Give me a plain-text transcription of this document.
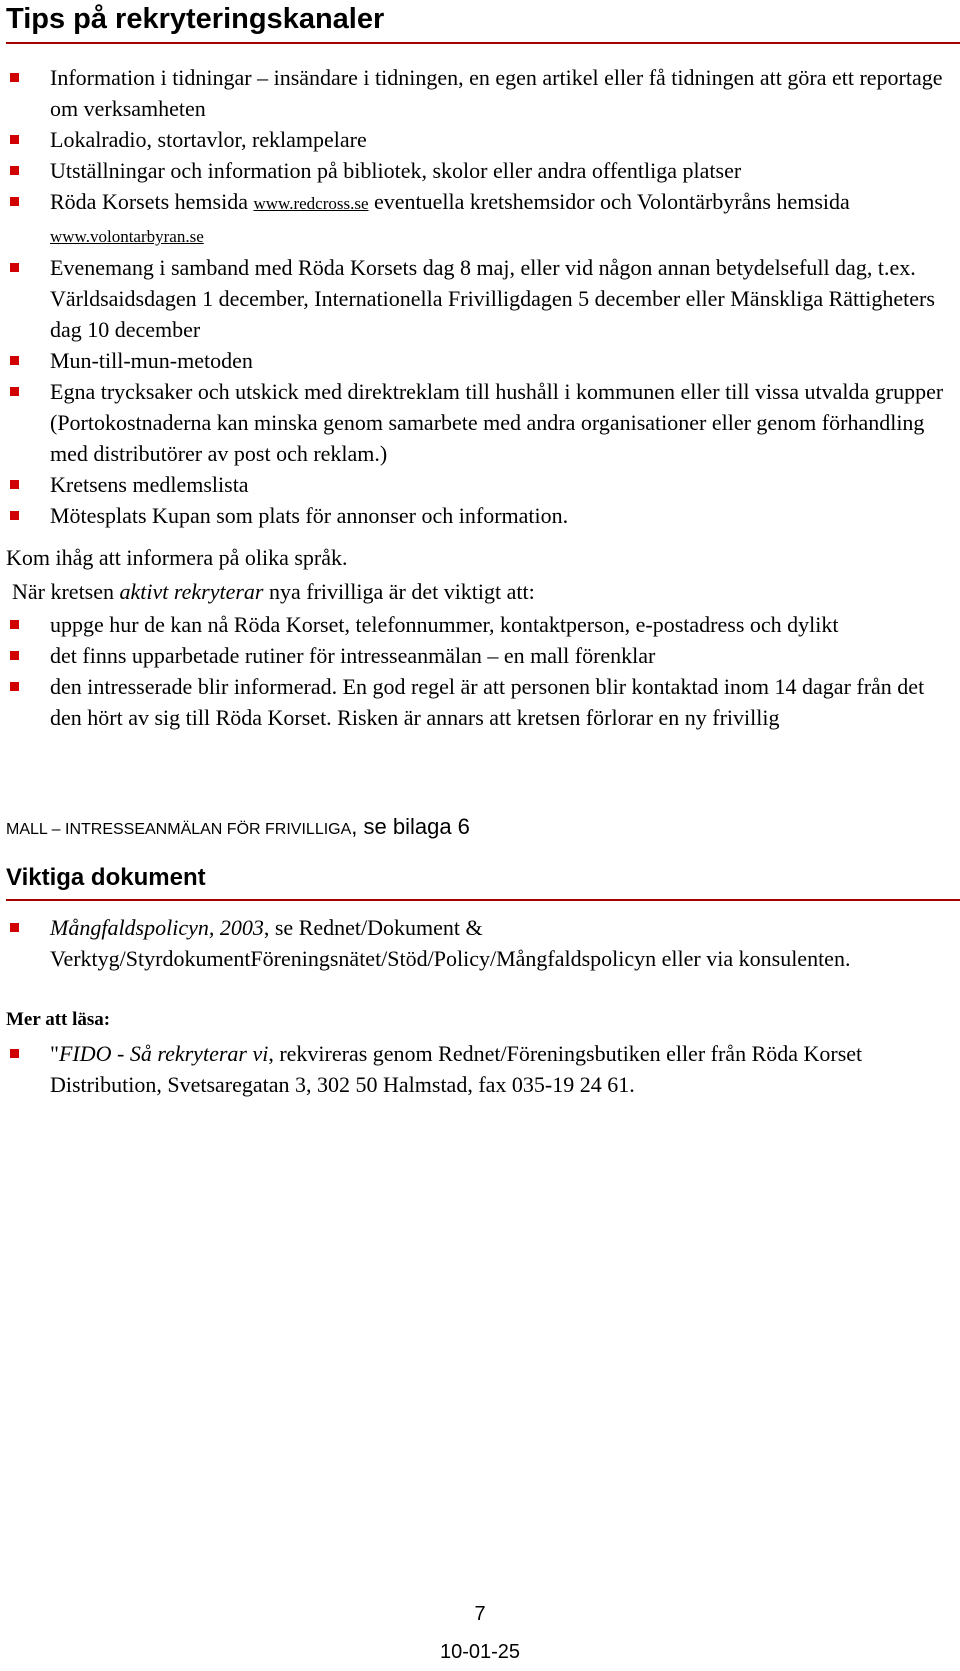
Tips på rekryteringskanaler
Information i tidningar – insändare i tidningen, en egen artikel eller få tidningen att göra ett reportage om verksamheten
Lokalradio, stortavlor, reklampelare
Utställningar och information på bibliotek, skolor eller andra offentliga platser
Röda Korsets hemsida www.redcross.se eventuella kretshemsidor och Volontärbyråns hemsida www.volontarbyran.se
Evenemang i samband med Röda Korsets dag 8 maj, eller vid någon annan betydelsefull dag, t.ex. Världsaidsdagen 1 december, Internationella Frivilligdagen 5 december eller Mänskliga Rättigheters dag 10 december
Mun-till-mun-metoden
Egna trycksaker och utskick med direktreklam till hushåll i kommunen eller till vissa utvalda grupper (Portokostnaderna kan minska genom samarbete med andra organisationer eller genom förhandling med distributörer av post och reklam.)
Kretsens medlemslista
Mötesplats Kupan som plats för annonser och information.
Kom ihåg att informera på olika språk.
När kretsen aktivt rekryterar nya frivilliga är det viktigt att:
uppge hur de kan nå Röda Korset, telefonnummer, kontaktperson, e-postadress och dylikt
det finns upparbetade rutiner för intresseanmälan – en mall förenklar
den intresserade blir informerad. En god regel är att personen blir kontaktad inom 14 dagar från det den hört av sig till Röda Korset. Risken är annars att kretsen förlorar en ny frivillig
MALL – INTRESSEANMÄLAN FÖR FRIVILLIGA, se bilaga 6
Viktiga dokument
Mångfaldspolicyn, 2003, se Rednet/Dokument & Verktyg/StyrdokumentFöreningsnätet/Stöd/Policy/Mångfaldspolicyn eller via konsulenten.
Mer att läsa:
"FIDO - Så rekryterar vi, rekvireras genom Rednet/Föreningsbutiken eller från Röda Korset Distribution, Svetsaregatan 3, 302 50 Halmstad, fax 035-19 24 61.
7
10-01-25
